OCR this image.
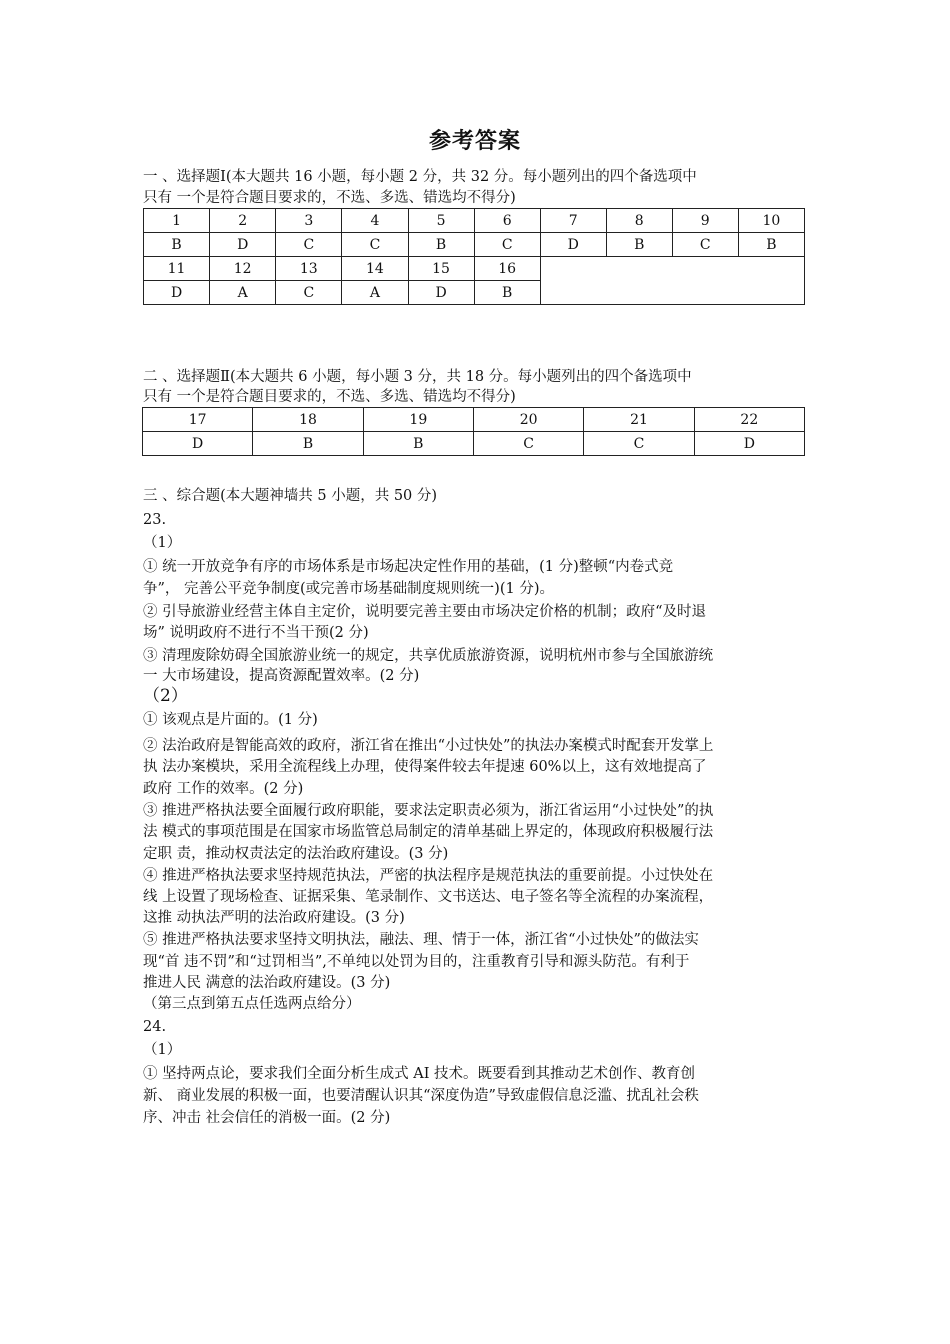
参考答案
一 、选择题Ⅰ(本大题共 16 小题，每小题 2 分，共 32 分。每小题列出的四个备选项中
只有 一个是符合题目要求的，不选、多选、错选均不得分)
1	2	3	4	5	6	7	8	9	10
B	D	C	C	B	C	D	B	C	B
11	12	13	14	15	16				
D	A	C	A	D	B				
二 、选择题Ⅱ(本大题共 6 小题，每小题 3 分，共 18 分。每小题列出的四个备选项中
只有 一个是符合题目要求的，不选、多选、错选均不得分)
17	18	19	20	21	22
D	B	B	C	C	D
三 、综合题(本大题神墙共 5 小题，共 50 分)
23.
（1）
① 统一开放竞争有序的市场体系是市场起决定性作用的基础，(1 分)整顿“内卷式竞
争”， 完善公平竞争制度(或完善市场基础制度规则统一)(1 分)。
② 引导旅游业经营主体自主定价，说明要完善主要由市场决定价格的机制；政府“及时退
场” 说明政府不进行不当干预(2 分)
③ 清理废除妨碍全国旅游业统一的规定，共享优质旅游资源，说明杭州市参与全国旅游统
一 大市场建设，提高资源配置效率。(2 分)
（2）
① 该观点是片面的。(1 分)
② 法治政府是智能高效的政府，浙江省在推出“小过快处”的执法办案模式时配套开发掌上
执 法办案模块，采用全流程线上办理，使得案件较去年提速 60%以上，这有效地提高了
政府 工作的效率。(2 分)
③ 推进严格执法要全面履行政府职能，要求法定职责必须为，浙江省运用“小过快处”的执
法 模式的事项范围是在国家市场监管总局制定的清单基础上界定的，体现政府积极履行法
定职 责，推动权责法定的法治政府建设。(3 分)
④ 推进严格执法要求坚持规范执法，严密的执法程序是规范执法的重要前提。小过快处在
线 上设置了现场检查、证据采集、笔录制作、文书送达、电子签名等全流程的办案流程，
这推 动执法严明的法治政府建设。(3 分)
⑤ 推进严格执法要求坚持文明执法，融法、理、情于一体，浙江省“小过快处”的做法实
现“首 违不罚”和“过罚相当”,不单纯以处罚为目的，注重教育引导和源头防范。有利于
推进人民 满意的法治政府建设。(3 分)
（第三点到第五点任选两点给分）
24.
（1）
① 坚持两点论，要求我们全面分析生成式 AI 技术。既要看到其推动艺术创作、教育创
新、 商业发展的积极一面，也要清醒认识其“深度伪造”导致虚假信息泛滥、扰乱社会秩
序、冲击 社会信任的消极一面。(2 分)
